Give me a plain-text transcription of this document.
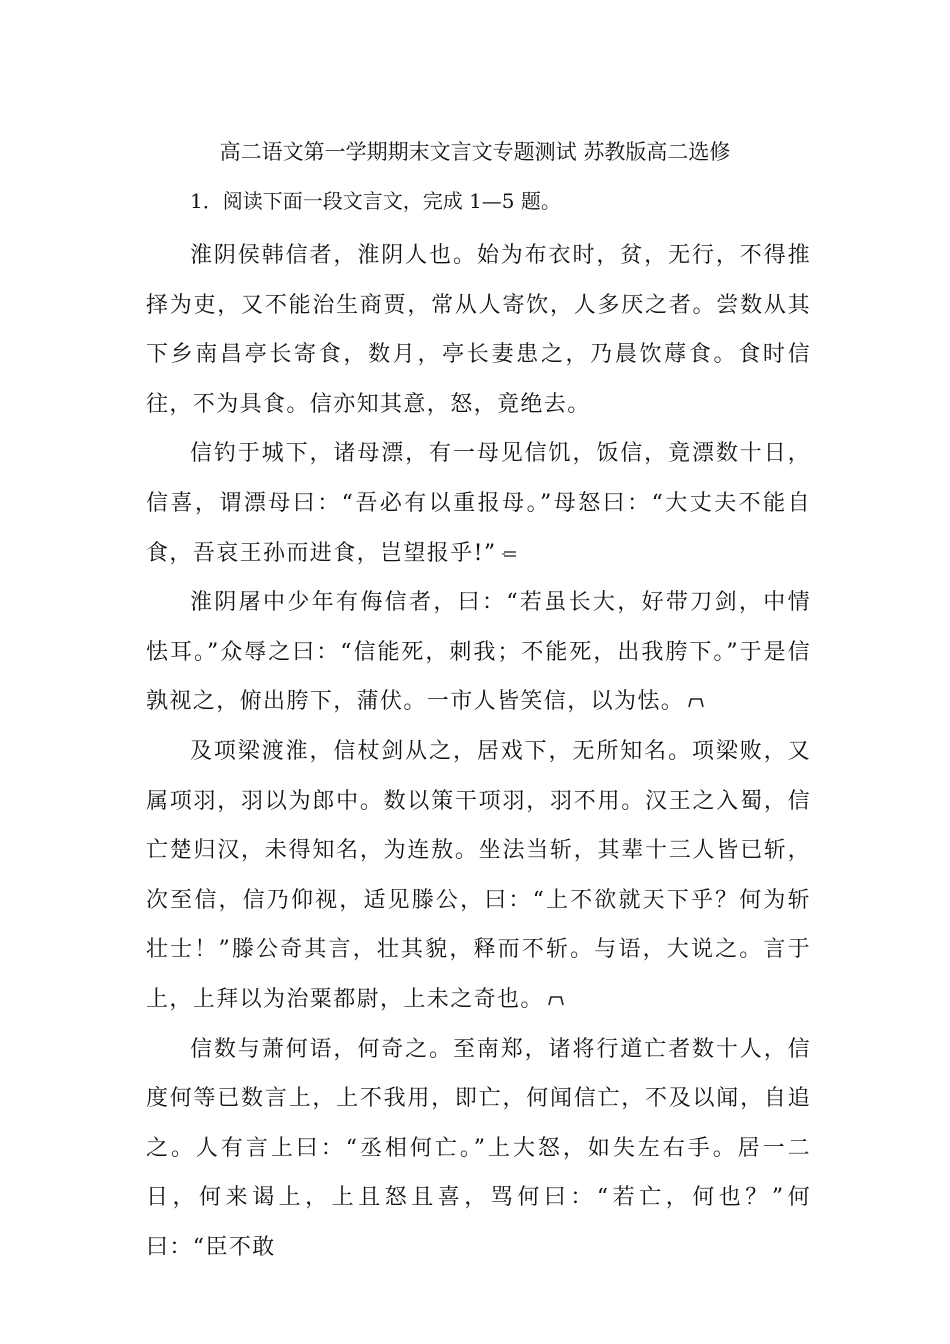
高二语文第一学期期末文言文专题测试 苏教版高二选修
1．阅读下面一段文言文，完成 1—5 题。

淮阴侯韩信者，淮阴人也。始为布衣时，贫，无行，不得推择为吏，又不能治生商贾，常从人寄饮，人多厌之者。尝数从其下乡南昌亭长寄食，数月，亭长妻患之，乃晨饮蓐食。食时信往，不为具食。信亦知其意，怒，竟绝去。

信钓于城下，诸母漂，有一母见信饥，饭信，竟漂数十日，信喜，谓漂母曰：“吾必有以重报母。”母怒曰：“大丈夫不能自食，吾哀王孙而进食，岂望报乎!”

淮阴屠中少年有侮信者，曰：“若虽长大，好带刀剑，中情怯耳。”众辱之曰：“信能死，刺我；不能死，出我胯下。”于是信孰视之，俯出胯下，蒲伏。一市人皆笑信，以为怯。

及项梁渡淮，信杖剑从之，居戏下，无所知名。项梁败，又属项羽，羽以为郎中。数以策干项羽，羽不用。汉王之入蜀，信亡楚归汉，未得知名，为连敖。坐法当斩，其辈十三人皆已斩，次至信，信乃仰视，适见滕公，曰：“上不欲就天下乎？何为斩壮士！”滕公奇其言，壮其貌，释而不斩。与语，大说之。言于上，上拜以为治粟都尉，上未之奇也。

信数与萧何语，何奇之。至南郑，诸将行道亡者数十人，信度何等已数言上，上不我用，即亡，何闻信亡，不及以闻，自追之。人有言上曰：“丞相何亡。”上大怒，如失左右手。居一二日，何来谒上，上且怒且喜，骂何曰：“若亡，何也？”何曰：“臣不敢
